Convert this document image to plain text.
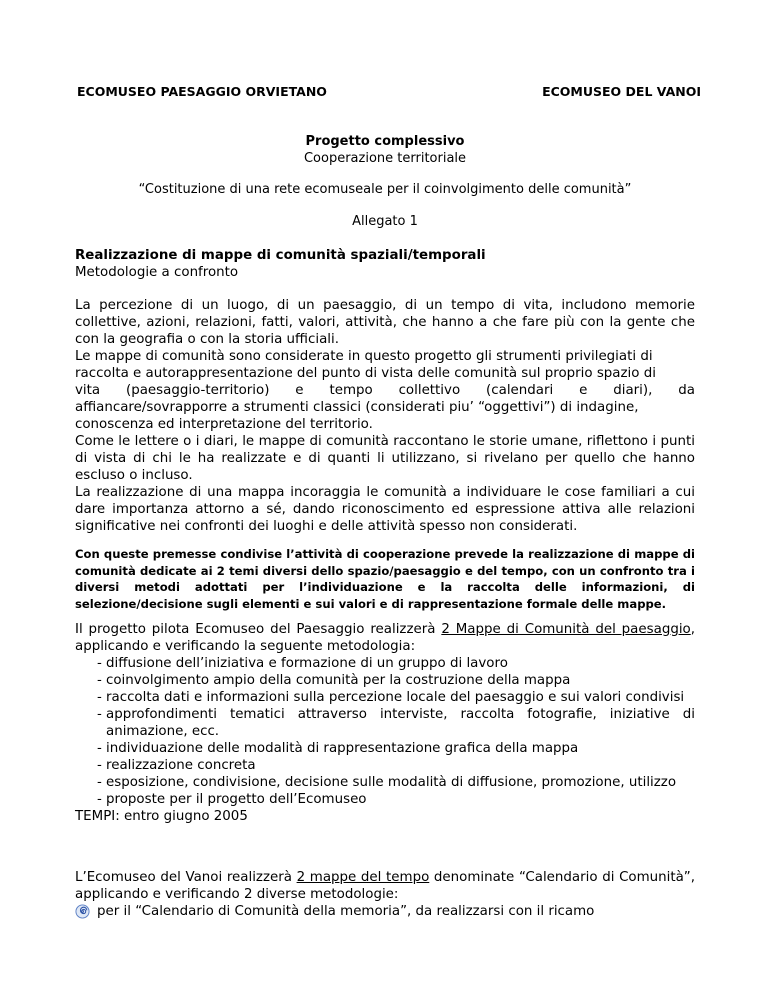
ECOMUSEO PAESAGGIO ORVIETANO	ECOMUSEO DEL VANOI
Progetto complessivo
Cooperazione territoriale
“Costituzione di una rete ecomuseale per il coinvolgimento delle comunità”
Allegato 1

Realizzazione di mappe di comunità spaziali/temporali

Metodologie a confronto

La percezione di un luogo, di un paesaggio, di un tempo di vita, includono memorie collettive, azioni, relazioni, fatti, valori, attività, che hanno a che fare più con la gente che con la geografia o con la storia ufficiali.

Le mappe di comunità sono considerate in questo progetto gli strumenti privilegiati di

raccolta e autorappresentazione del punto di vista delle comunità sul proprio spazio di

vita (paesaggio-territorio) e tempo collettivo (calendari e diari), da

affiancare/sovrapporre a strumenti classici (considerati piu’ “oggettivi”) di indagine,

conoscenza ed interpretazione del territorio.

Come le lettere o i diari, le mappe di comunità raccontano le storie umane, riflettono i punti di vista di chi le ha realizzate e di quanti li utilizzano, si rivelano per quello che hanno escluso o incluso.

La realizzazione di una mappa incoraggia le comunità a individuare le cose familiari a cui dare importanza attorno a sé, dando riconoscimento ed espressione attiva alle relazioni significative nei confronti dei luoghi e delle attività spesso non considerati.

Con queste premesse condivise l’attività di cooperazione prevede la realizzazione di mappe di comunità dedicate ai 2 temi diversi dello spazio/paesaggio e del tempo, con un confronto tra i diversi metodi adottati per l’individuazione e la raccolta delle informazioni, di selezione/decisione sugli elementi e sui valori e di rappresentazione formale delle mappe.

Il progetto pilota Ecomuseo del Paesaggio realizzerà 2 Mappe di Comunità del paesaggio, applicando e verificando la seguente metodologia:

- diffusione dell’iniziativa e formazione di un gruppo di lavoro
- coinvolgimento ampio della comunità per la costruzione della mappa
- raccolta dati e informazioni sulla percezione locale del paesaggio e sui valori condivisi
- approfondimenti tematici attraverso interviste, raccolta fotografie, iniziative di animazione, ecc.
- individuazione delle modalità di rappresentazione grafica della mappa
- realizzazione concreta
- esposizione, condivisione, decisione sulle modalità di diffusione, promozione, utilizzo
- proposte per il progetto dell’Ecomuseo

TEMPI: entro giugno 2005

L’Ecomuseo del Vanoi realizzerà 2 mappe del tempo denominate “Calendario di Comunità”, applicando e verificando 2 diverse metodologie:

per il “Calendario di Comunità della memoria”, da realizzarsi con il ricamo
